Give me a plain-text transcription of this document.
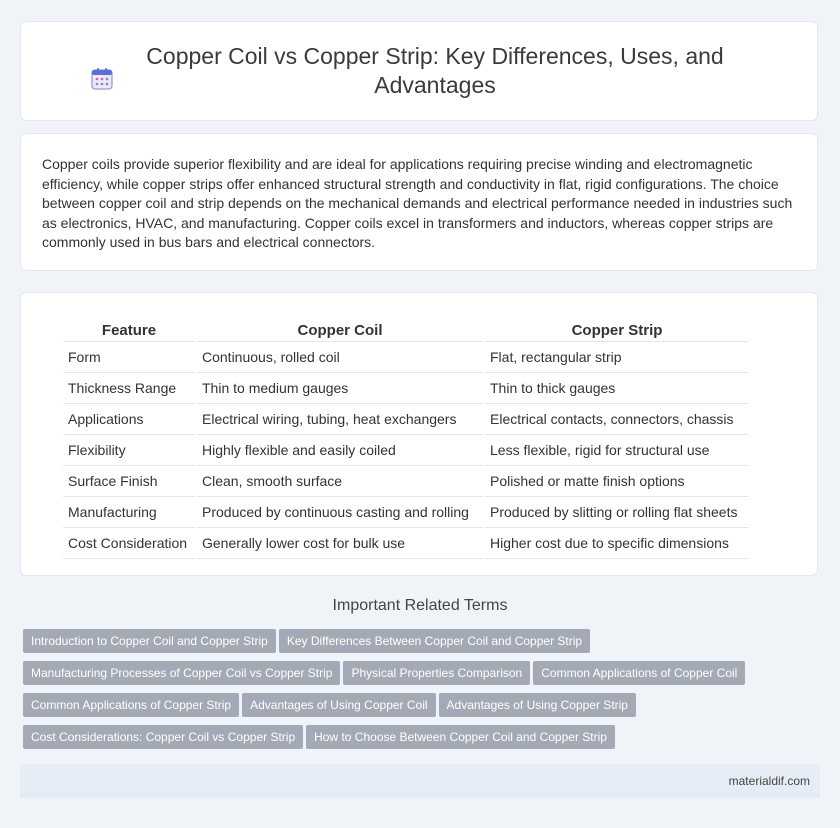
Copper Coil vs Copper Strip: Key Differences, Uses, and Advantages

Copper coils provide superior flexibility and are ideal for applications requiring precise winding and electromagnetic efficiency, while copper strips offer enhanced structural strength and conductivity in flat, rigid configurations. The choice between copper coil and strip depends on the mechanical demands and electrical performance needed in industries such as electronics, HVAC, and manufacturing. Copper coils excel in transformers and inductors, whereas copper strips are commonly used in bus bars and electrical connectors.

Feature	Copper Coil	Copper Strip
Form	Continuous, rolled coil	Flat, rectangular strip
Thickness Range	Thin to medium gauges	Thin to thick gauges
Applications	Electrical wiring, tubing, heat exchangers	Electrical contacts, connectors, chassis
Flexibility	Highly flexible and easily coiled	Less flexible, rigid for structural use
Surface Finish	Clean, smooth surface	Polished or matte finish options
Manufacturing	Produced by continuous casting and rolling	Produced by slitting or rolling flat sheets
Cost Consideration	Generally lower cost for bulk use	Higher cost due to specific dimensions
Important Related Terms
Introduction to Copper Coil and Copper Strip Key Differences Between Copper Coil and Copper Strip
Manufacturing Processes of Copper Coil vs Copper Strip Physical Properties Comparison Common Applications of Copper Coil
Common Applications of Copper Strip Advantages of Using Copper Coil Advantages of Using Copper Strip
Cost Considerations: Copper Coil vs Copper Strip How to Choose Between Copper Coil and Copper Strip
materialdif.com
